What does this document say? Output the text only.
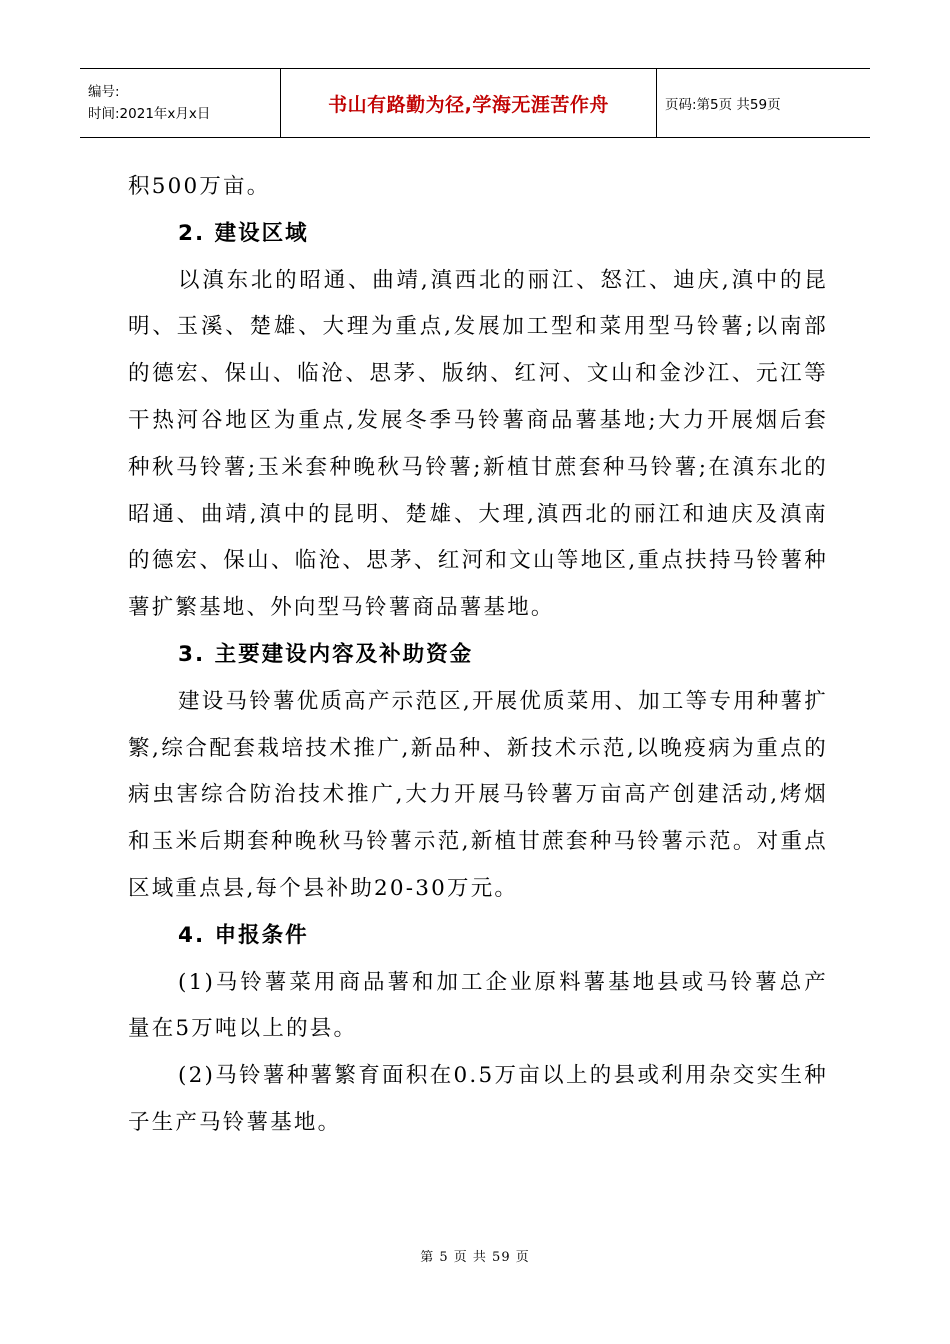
编号:
时间:2021年x月x日	书山有路勤为径,学海无涯苦作舟	页码:第5页 共59页

积500万亩。

2. 建设区域

以滇东北的昭通、曲靖,滇西北的丽江、怒江、迪庆,滇中的昆明、玉溪、楚雄、大理为重点,发展加工型和菜用型马铃薯;以南部的德宏、保山、临沧、思茅、版纳、红河、文山和金沙江、元江等干热河谷地区为重点,发展冬季马铃薯商品薯基地;大力开展烟后套种秋马铃薯;玉米套种晚秋马铃薯;新植甘蔗套种马铃薯;在滇东北的昭通、曲靖,滇中的昆明、楚雄、大理,滇西北的丽江和迪庆及滇南的德宏、保山、临沧、思茅、红河和文山等地区,重点扶持马铃薯种薯扩繁基地、外向型马铃薯商品薯基地。

3. 主要建设内容及补助资金

建设马铃薯优质高产示范区,开展优质菜用、加工等专用种薯扩繁,综合配套栽培技术推广,新品种、新技术示范,以晚疫病为重点的病虫害综合防治技术推广,大力开展马铃薯万亩高产创建活动,烤烟和玉米后期套种晚秋马铃薯示范,新植甘蔗套种马铃薯示范。对重点区域重点县,每个县补助20-30万元。

4. 申报条件

(1)马铃薯菜用商品薯和加工企业原料薯基地县或马铃薯总产量在5万吨以上的县。

(2)马铃薯种薯繁育面积在0.5万亩以上的县或利用杂交实生种子生产马铃薯基地。

第 5 页 共 59 页
